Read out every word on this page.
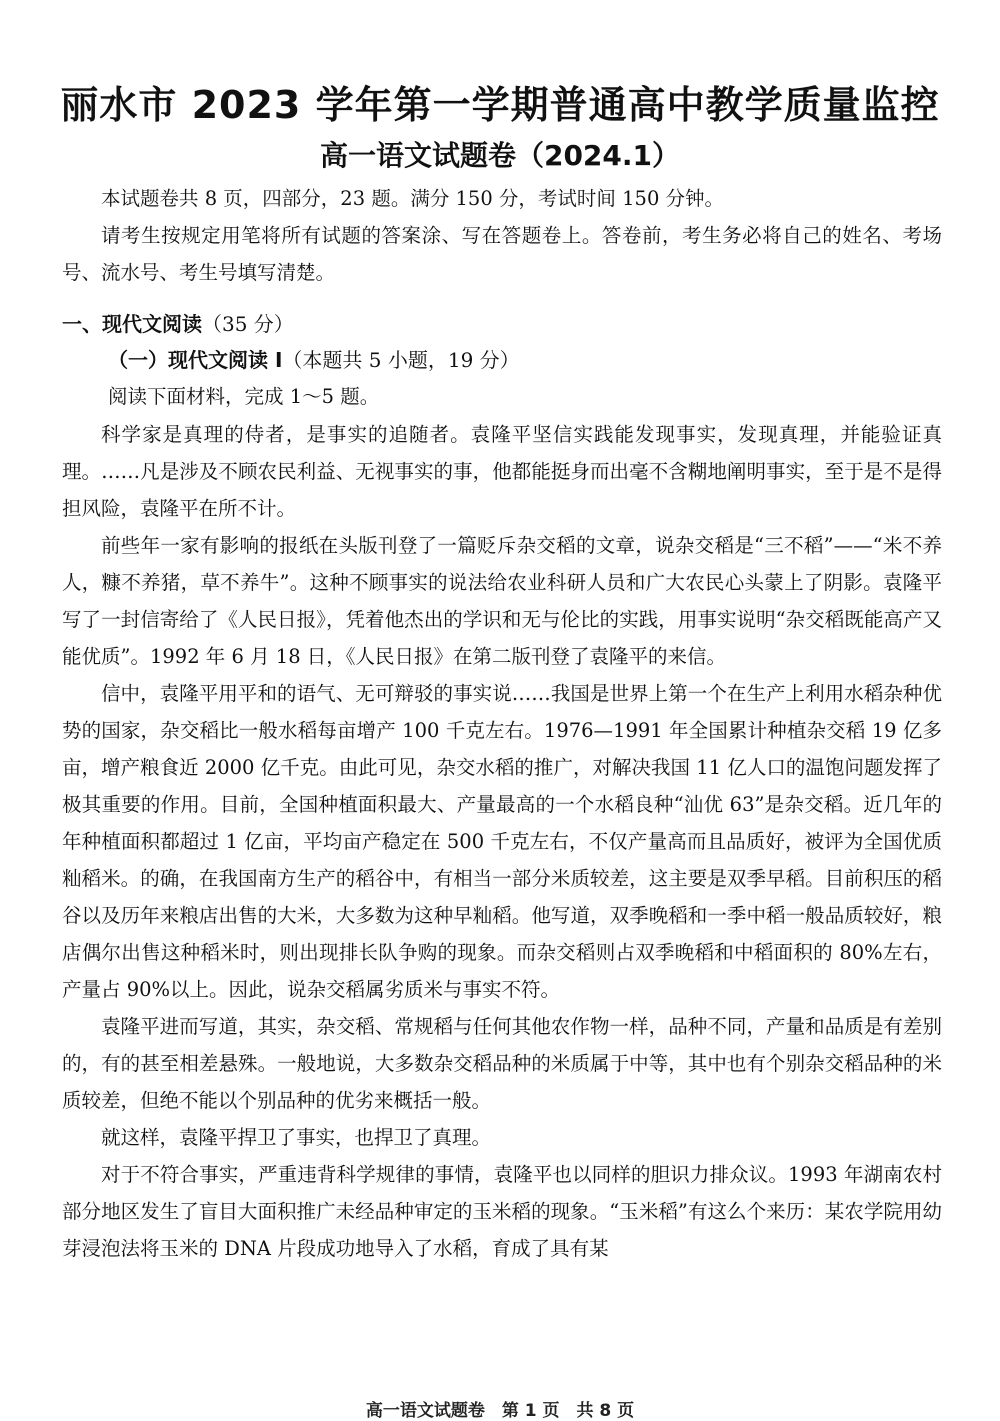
丽水市 2023 学年第一学期普通高中教学质量监控
高一语文试题卷（2024.1）

本试题卷共 8 页，四部分，23 题。满分 150 分，考试时间 150 分钟。

请考生按规定用笔将所有试题的答案涂、写在答题卷上。答卷前，考生务必将自己的姓名、考场号、流水号、考生号填写清楚。

一、现代文阅读（35 分）
（一）现代文阅读 I（本题共 5 小题，19 分）
阅读下面材料，完成 1～5 题。

科学家是真理的侍者，是事实的追随者。袁隆平坚信实践能发现事实，发现真理，并能验证真理。……凡是涉及不顾农民利益、无视事实的事，他都能挺身而出毫不含糊地阐明事实，至于是不是得担风险，袁隆平在所不计。

前些年一家有影响的报纸在头版刊登了一篇贬斥杂交稻的文章，说杂交稻是“三不稻”——“米不养人，糠不养猪，草不养牛”。这种不顾事实的说法给农业科研人员和广大农民心头蒙上了阴影。袁隆平写了一封信寄给了《人民日报》，凭着他杰出的学识和无与伦比的实践，用事实说明“杂交稻既能高产又能优质”。1992 年 6 月 18 日，《人民日报》在第二版刊登了袁隆平的来信。

信中，袁隆平用平和的语气、无可辩驳的事实说……我国是世界上第一个在生产上利用水稻杂种优势的国家，杂交稻比一般水稻每亩增产 100 千克左右。1976—1991 年全国累计种植杂交稻 19 亿多亩，增产粮食近 2000 亿千克。由此可见，杂交水稻的推广，对解决我国 11 亿人口的温饱问题发挥了极其重要的作用。目前，全国种植面积最大、产量最高的一个水稻良种“汕优 63”是杂交稻。近几年的年种植面积都超过 1 亿亩，平均亩产稳定在 500 千克左右，不仅产量高而且品质好，被评为全国优质籼稻米。的确，在我国南方生产的稻谷中，有相当一部分米质较差，这主要是双季早稻。目前积压的稻谷以及历年来粮店出售的大米，大多数为这种早籼稻。他写道，双季晚稻和一季中稻一般品质较好，粮店偶尔出售这种稻米时，则出现排长队争购的现象。而杂交稻则占双季晚稻和中稻面积的 80%左右，产量占 90%以上。因此，说杂交稻属劣质米与事实不符。

袁隆平进而写道，其实，杂交稻、常规稻与任何其他农作物一样，品种不同，产量和品质是有差别的，有的甚至相差悬殊。一般地说，大多数杂交稻品种的米质属于中等，其中也有个别杂交稻品种的米质较差，但绝不能以个别品种的优劣来概括一般。

就这样，袁隆平捍卫了事实，也捍卫了真理。

对于不符合事实，严重违背科学规律的事情，袁隆平也以同样的胆识力排众议。1993 年湖南农村部分地区发生了盲目大面积推广未经品种审定的玉米稻的现象。“玉米稻”有这么个来历：某农学院用幼芽浸泡法将玉米的 DNA 片段成功地导入了水稻，育成了具有某

高一语文试题卷　第 1 页　共 8 页
